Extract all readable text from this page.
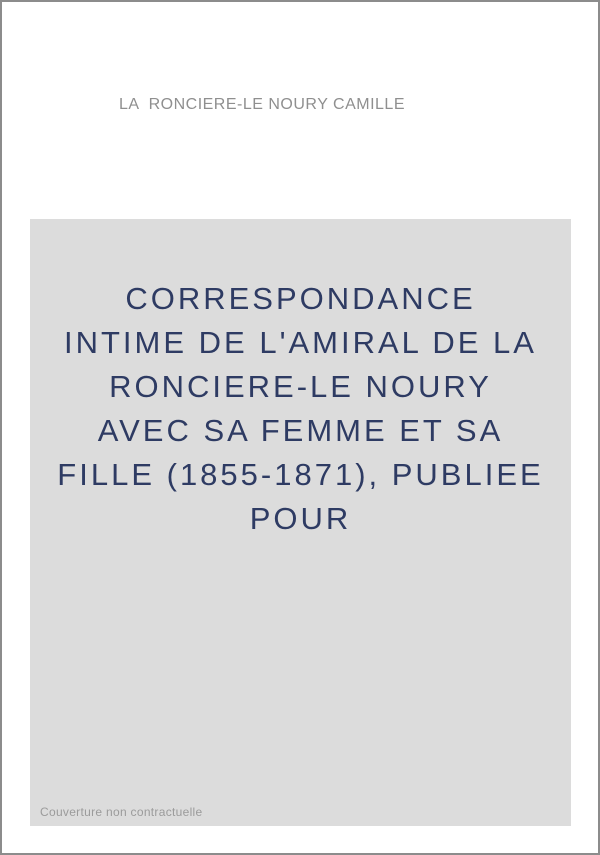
LA  RONCIERE-LE NOURY CAMILLE
CORRESPONDANCE
INTIME DE L'AMIRAL DE LA
RONCIERE-LE NOURY
AVEC SA FEMME ET SA
FILLE (1855-1871), PUBLIEE
POUR
Couverture non contractuelle
